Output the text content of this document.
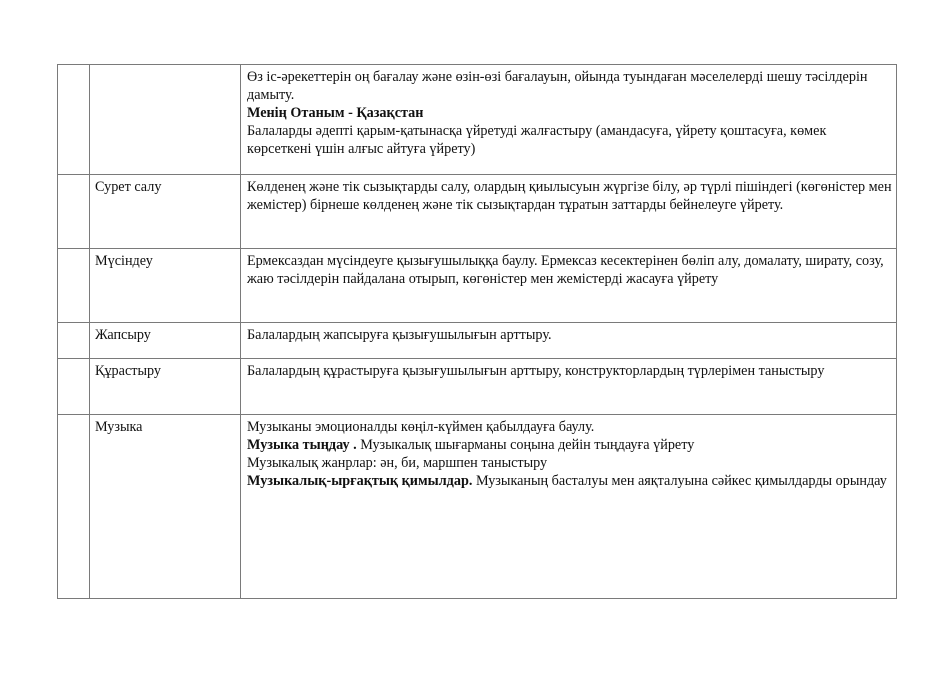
		Өз іс-әрекеттерін оң бағалау және өзін-өзі бағалауын, ойында туындаған мәселелерді шешу тәсілдерін дамыту.
Менің Отаным - Қазақстан
Балаларды әдепті қарым-қатынасқа үйретуді жалғастыру (амандасуға, үйрету қоштасуға, көмек көрсеткені үшін алғыс айтуға үйрету)

	Сурет салу	Көлденең және тік сызықтарды салу, олардың қиылысуын жүргізе білу, әр түрлі пішіндегі (көгөністер мен жемістер) бірнеше көлденең және тік сызықтардан тұратын заттарды бейнелеуге үйрету.

	Мүсіндеу	Ермексаздан мүсіндеуге қызығушылыққа баулу. Ермексаз кесектерінен бөліп алу, домалату, ширату, созу, жаю тәсілдерін пайдалана отырып, көгөністер мен жемістерді жасауға үйрету

	Жапсыру	Балалардың жапсыруға қызығушылығын арттыру.

	Құрастыру	Балалардың құрастыруға қызығушылығын арттыру, конструкторлардың түрлерімен таныстыру

	Музыка	Музыканы эмоционалды көңіл-күймен қабылдауға баулу.
Музыка тыңдау . Музыкалық шығарманы соңына дейін тыңдауға үйрету
Музыкалық жанрлар: ән, би, маршпен таныстыру
Музыкалық-ырғақтық қимылдар. Музыканың басталуы мен аяқталуына сәйкес қимылдарды орындау
